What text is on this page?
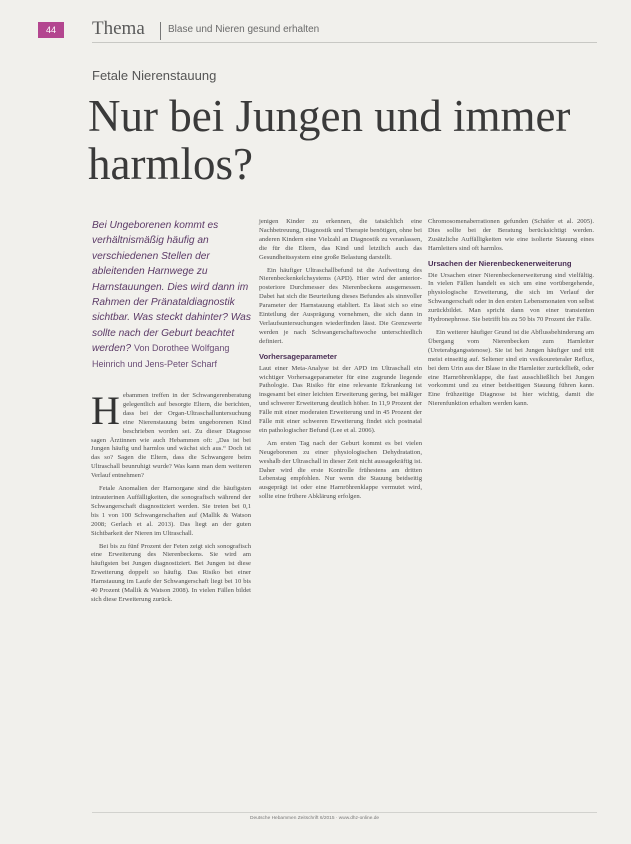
44	Thema Blase und Nieren gesund erhalten
Fetale Nierenstauung
Nur bei Jungen und immer harmlos?
Bei Ungeborenen kommt es verhältnismäßig häufig an verschiedenen Stellen der ableitenden Harnwege zu Harnstauungen. Dies wird dann im Rahmen der Pränataldiagnostik sichtbar. Was steckt dahinter? Was sollte nach der Geburt beachtet werden? Von Dorothee Wolfgang Heinrich und Jens-Peter Scharf
H ebammen treffen in der Schwangerenberatung gelegentlich auf besorgte Eltern, die berichten, dass bei der Organ-Ultraschalluntersuchung eine Nierenstauung beim ungeborenen Kind beschrieben worden sei. Zu dieser Diagnose sagen Ärztinnen wie auch Hebammen oft: „Das ist bei Jungen häufig und harmlos und wächst sich aus.“ Doch ist das so? Sagen die Eltern, dass die Schwangere beim Ultraschall beunruhigt wurde? Was kann man dem weiteren Verlauf entnehmen?

Fetale Anomalien der Harnorgane sind die häufigsten intrauterinen Auffälligkeiten, die sonografisch während der Schwangerschaft diagnostiziert werden. Sie treten bei 0,1 bis 1 von 100 Schwangerschaften auf (Mallik & Watson 2008; Gerlach et al. 2013). Das liegt an der guten Sichtbarkeit der Nieren im Ultraschall.

Bei bis zu fünf Prozent der Feten zeigt sich sonografisch eine Erweiterung des Nierenbeckens. Sie wird am häufigsten bei Jungen diagnostiziert. Bei Jungen ist diese Erweiterung doppelt so häufig. Das Risiko bei einer Harnstauung im Laufe der Schwangerschaft liegt bei 10 bis 40 Prozent (Mallik & Watson 2008). In vielen Fällen bildet sich diese Erweiterung zurück.

jenigen Kinder zu erkennen, die tatsächlich eine Nachbetreuung, Diagnostik und Therapie benötigen, ohne bei anderen Kindern eine Vielzahl an Diagnostik zu veranlassen, die für die Eltern, das Kind und letztlich auch das Gesundheitssystem eine große Belastung darstellt.

Ein häufiger Ultraschallbefund ist die Aufweitung des Nierenbeckenkelchsystems (APD). Hier wird der anterior-posteriore Durchmesser des Nierenbeckens ausgemessen. Dabei hat sich die Beurteilung dieses Befundes als sinnvoller Parameter der Harnstauung etabliert. Es lässt sich so eine Einteilung der Ausprägung vornehmen, die sich dann in Verlaufsuntersuchungen wiederfinden lässt. Die Grenzwerte werden je nach Schwangerschaftswoche unterschiedlich definiert.

Vorhersageparameter

Laut einer Meta-Analyse ist der APD im Ultraschall ein wichtiger Vorhersageparameter für eine zugrunde liegende Pathologie. Das Risiko für eine relevante Erkrankung ist insgesamt bei einer leichten Erweiterung gering, bei mäßiger und schwerer Erweiterung deutlich höher. In 11,9 Prozent der Fälle mit einer moderaten Erweiterung und in 45 Prozent der Fälle mit einer schweren Erweiterung findet sich postnatal ein pathologischer Befund (Lee et al. 2006).

Am ersten Tag nach der Geburt kommt es bei vielen Neugeborenen zu einer physiologischen Dehydratation, weshalb der Ultraschall in dieser Zeit nicht aussagekräftig ist. Daher wird die erste Kontrolle frühestens am dritten Lebenstag empfohlen. Nur wenn die Stauung beidseitig ausgeprägt ist oder eine Harnröhrenklappe vermutet wird, sollte eine frühere Abklärung erfolgen.

Chromosomenaberrationen gefunden (Schäfer et al. 2005). Dies sollte bei der Beratung berücksichtigt werden. Zusätzliche Auffälligkeiten wie eine isolierte Stauung eines Harnleiters sind oft harmlos.

Ursachen der Nierenbeckenerweiterung

Die Ursachen einer Nierenbeckenerweiterung sind vielfältig. In vielen Fällen handelt es sich um eine vorübergehende, physiologische Erweiterung, die sich im Verlauf der Schwangerschaft oder in den ersten Lebensmonaten von selbst zurückbildet. Man spricht dann von einer transienten Hydronephrose. Sie betrifft bis zu 50 bis 70 Prozent der Fälle.

Ein weiterer häufiger Grund ist die Abflussbehinderung am Übergang vom Nierenbecken zum Harnleiter (Ureterabgangsstenose). Sie ist bei Jungen häufiger und tritt meist einseitig auf. Seltener sind ein vesikoureteraler Reflux, bei dem Urin aus der Blase in die Harnleiter zurückfließt, oder eine Harnröhrenklappe, die fast ausschließlich bei Jungen vorkommt und zu einer beidseitigen Stauung führen kann. Eine frühzeitige Diagnose ist hier wichtig, damit die Nierenfunktion erhalten werden kann.

Deutsche Hebammen Zeitschrift 6/2015 · www.dhz-online.de
